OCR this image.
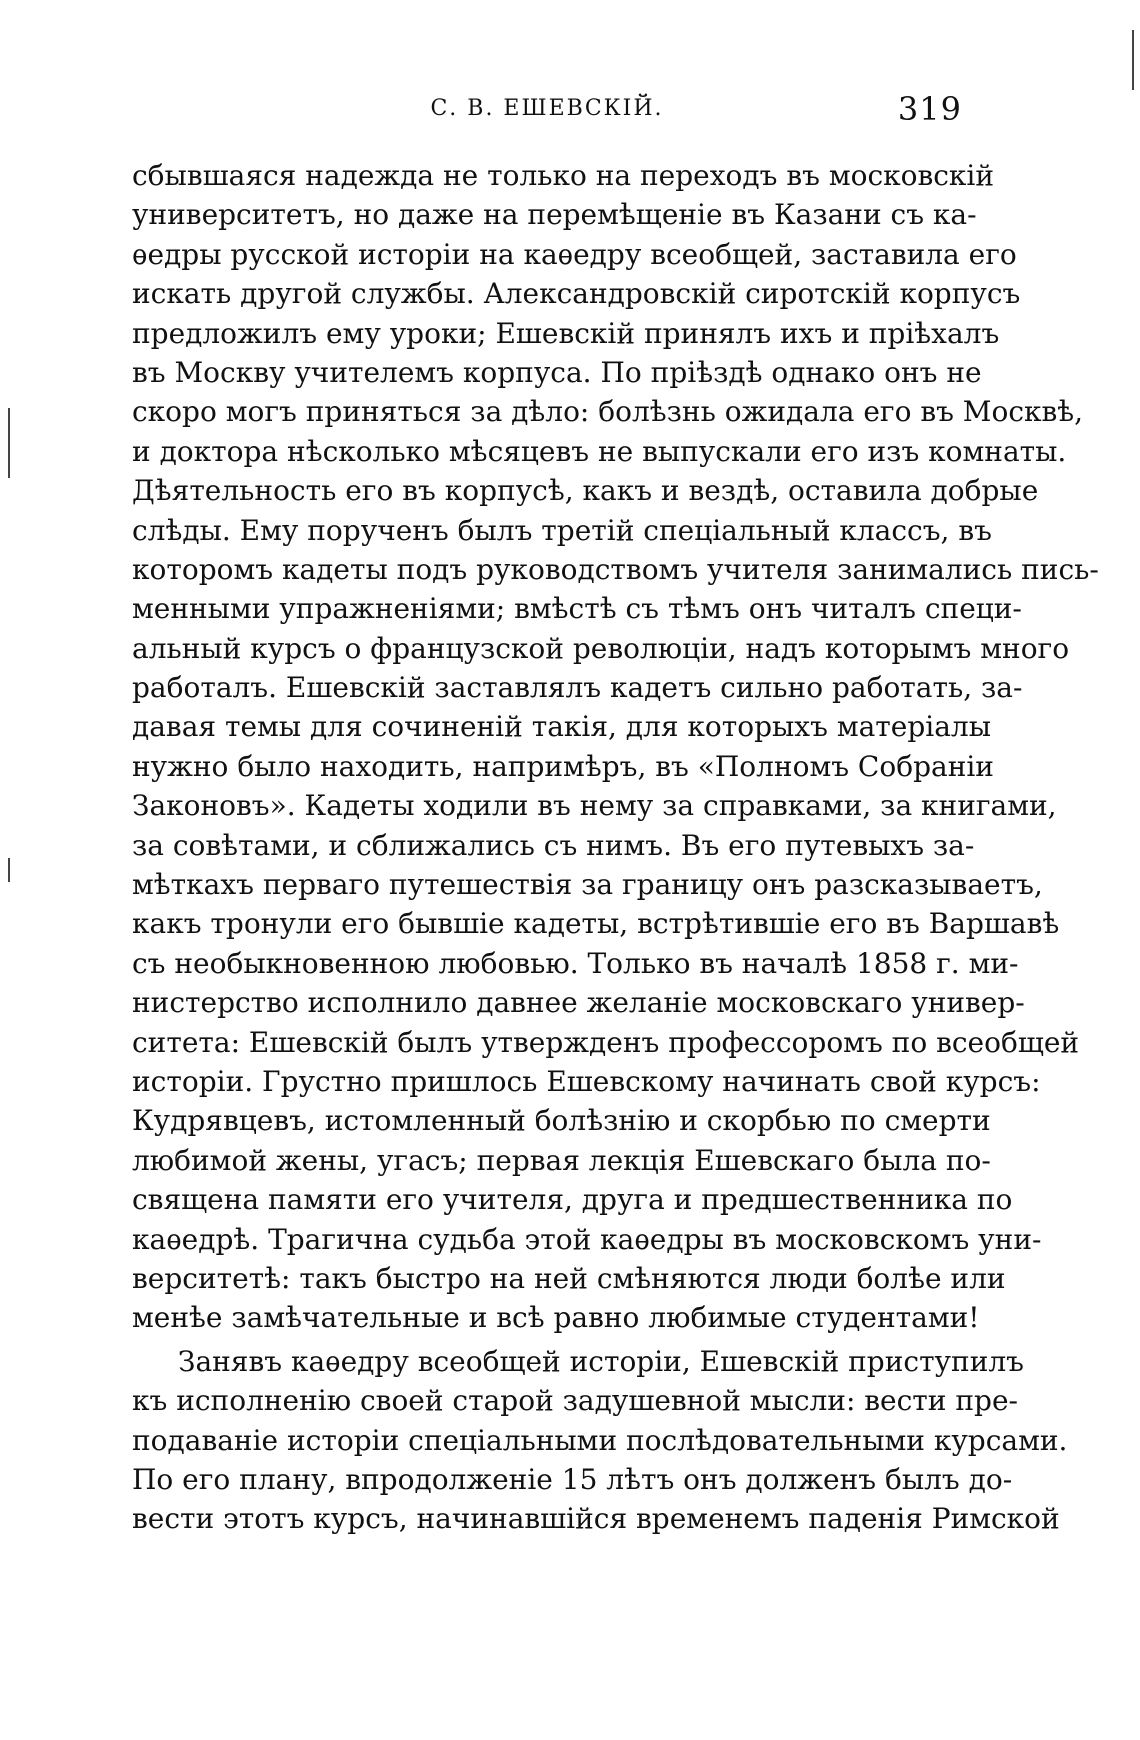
С. В. ЕШЕВСКІЙ.	319
сбывшаяся надежда не только на переходъ въ московскій
университетъ, но даже на перемѣщеніе въ Казани съ ка-
ѳедры русской исторіи на каѳедру всеобщей, заставила его
искать другой службы. Александровскій сиротскій корпусъ
предложилъ ему уроки; Ешевскій принялъ ихъ и пріѣхалъ
въ Москву учителемъ корпуса. По пріѣздѣ однако онъ не
скоро могъ приняться за дѣло: болѣзнь ожидала его въ Москвѣ,
и доктора нѣсколько мѣсяцевъ не выпускали его изъ комнаты.
Дѣятельность его въ корпусѣ, какъ и вездѣ, оставила добрые
слѣды. Ему порученъ былъ третій спеціальный классъ, въ
которомъ кадеты подъ руководствомъ учителя занимались пись-
менными упражненіями; вмѣстѣ съ тѣмъ онъ читалъ специ-
альный курсъ о французской революціи, надъ которымъ много
работалъ. Ешевскій заставлялъ кадетъ сильно работать, за-
давая темы для сочиненій такія, для которыхъ матеріалы
нужно было находить, напримѣръ, въ «Полномъ Собраніи
Законовъ». Кадеты ходили въ нему за справками, за книгами,
за совѣтами, и сближались съ нимъ. Въ его путевыхъ за-
мѣткахъ перваго путешествія за границу онъ разсказываетъ,
какъ тронули его бывшіе кадеты, встрѣтившіе его въ Варшавѣ
съ необыкновенною любовью. Только въ началѣ 1858 г. ми-
нистерство исполнило давнее желаніе московскаго универ-
ситета: Ешевскій былъ утвержденъ профессоромъ по всеобщей
исторіи. Грустно пришлось Ешевскому начинать свой курсъ:
Кудрявцевъ, истомленный болѣзнію и скорбью по смерти
любимой жены, угасъ; первая лекція Ешевскаго была по-
священа памяти его учителя, друга и предшественника по
каѳедрѣ. Трагична судьба этой каѳедры въ московскомъ уни-
верситетѣ: такъ быстро на ней смѣняются люди болѣе или
менѣе замѣчательные и всѣ равно любимые студентами!
Занявъ каѳедру всеобщей исторіи, Ешевскій приступилъ
къ исполненію своей старой задушевной мысли: вести пре-
подаваніе исторіи спеціальными послѣдовательными курсами.
По его плану, впродолженіе 15 лѣтъ онъ долженъ былъ до-
вести этотъ курсъ, начинавшійся временемъ паденія Римской
